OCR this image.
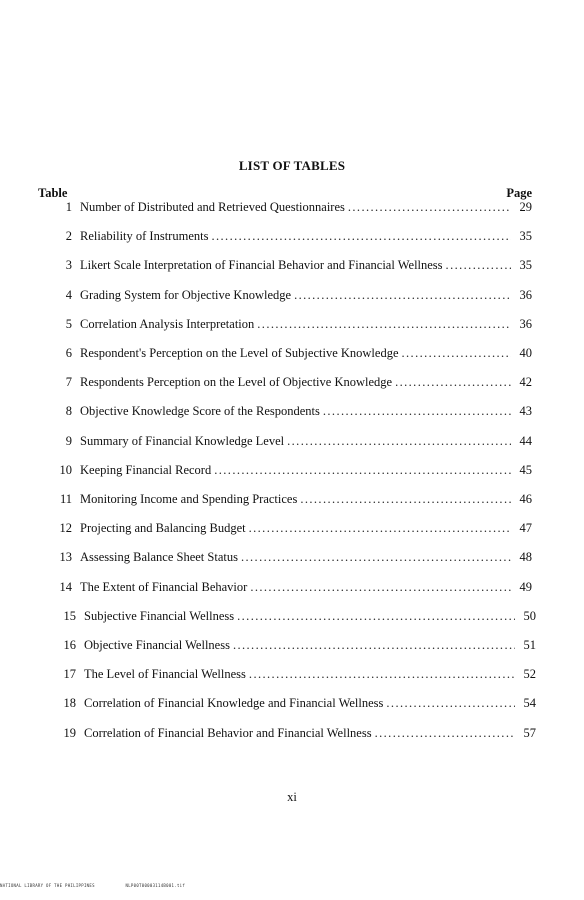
LIST OF TABLES
Table	Page
1 Number of Distributed and Retrieved Questionnaires .....	29
2 Reliability of Instruments .....	35
3 Likert Scale Interpretation of Financial Behavior and Financial Wellness .....	35
4 Grading System for Objective Knowledge .....	36
5 Correlation Analysis Interpretation .....	36
6 Respondent's Perception on the Level of Subjective Knowledge .....	40
7 Respondents Perception on the Level of Objective Knowledge .....	42
8 Objective Knowledge Score of the Respondents .....	43
9 Summary of Financial Knowledge Level .....	44
10 Keeping Financial Record .....	45
11 Monitoring Income and Spending Practices .....	46
12 Projecting and Balancing Budget .....	47
13 Assessing Balance Sheet Status .....	48
14 The Extent of Financial Behavior .....	49
15 Subjective Financial Wellness .....	50
16 Objective Financial Wellness .....	51
17 The Level of Financial Wellness .....	52
18 Correlation of Financial Knowledge and Financial Wellness .....	54
19 Correlation of Financial Behavior and Financial Wellness .....	57
xi
NATIONAL LIBRARY OF THE PHILIPPINES	NLP00T00003114B001.tif
